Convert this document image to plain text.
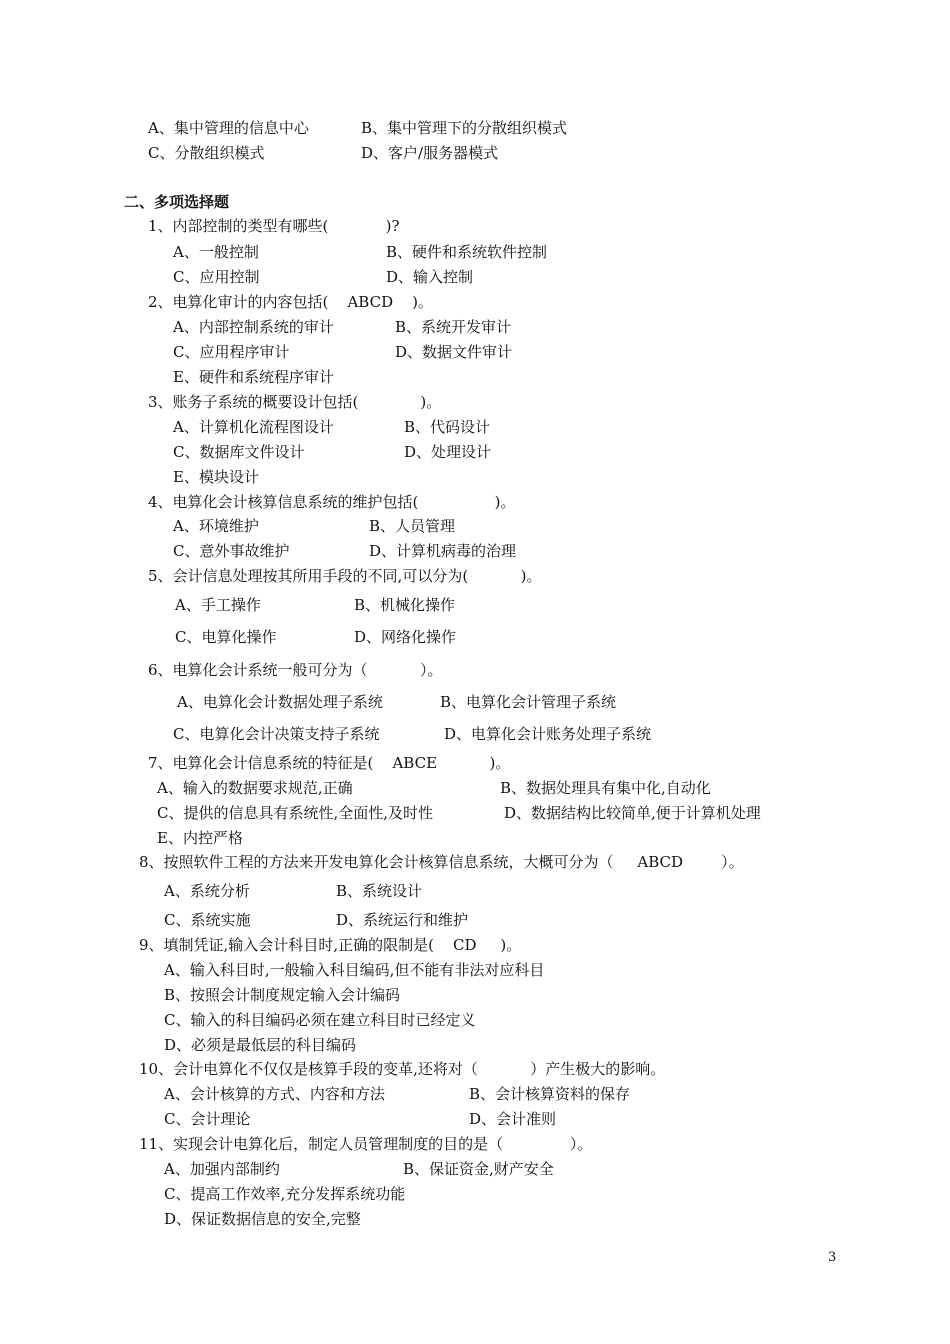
A、集中管理的信息中心	B、集中管理下的分散组织模式
C、分散组织模式	D、客户/服务器模式
二、多项选择题
1、内部控制的类型有哪些(            )?
A、一般控制	B、硬件和系统软件控制
C、应用控制	D、输入控制
2、电算化审计的内容包括(    ABCD    )。
A、内部控制系统的审计	B、系统开发审计
C、应用程序审计	D、数据文件审计
E、硬件和系统程序审计
3、账务子系统的概要设计包括(             )。
A、计算机化流程图设计	B、代码设计
C、数据库文件设计	D、处理设计
E、模块设计
4、电算化会计核算信息系统的维护包括(                )。
A、环境维护	B、人员管理
C、意外事故维护	D、计算机病毒的治理
5、会计信息处理按其所用手段的不同,可以分为(           )。
A、手工操作	B、机械化操作
C、电算化操作	D、网络化操作
6、电算化会计系统一般可分为（           ）。
A、电算化会计数据处理子系统	B、电算化会计管理子系统
C、电算化会计决策支持子系统	D、电算化会计账务处理子系统
7、电算化会计信息系统的特征是(    ABCE           )。
A、输入的数据要求规范,正确	B、数据处理具有集中化,自动化
C、提供的信息具有系统性,全面性,及时性	D、数据结构比较简单,便于计算机处理
E、内控严格
8、按照软件工程的方法来开发电算化会计核算信息系统，大概可分为（     ABCD        ）。
A、系统分析	B、系统设计
C、系统实施	D、系统运行和维护
9、填制凭证,输入会计科目时,正确的限制是(    CD     )。
A、输入科目时,一般输入科目编码,但不能有非法对应科目
B、按照会计制度规定输入会计编码
C、输入的科目编码必须在建立科目时已经定义
D、必须是最低层的科目编码
10、会计电算化不仅仅是核算手段的变革,还将对（           ）产生极大的影响。
A、会计核算的方式、内容和方法	B、会计核算资料的保存
C、会计理论	D、会计准则
11、实现会计电算化后，制定人员管理制度的目的是（              ）。
A、加强内部制约	B、保证资金,财产安全
C、提高工作效率,充分发挥系统功能
D、保证数据信息的安全,完整
3
